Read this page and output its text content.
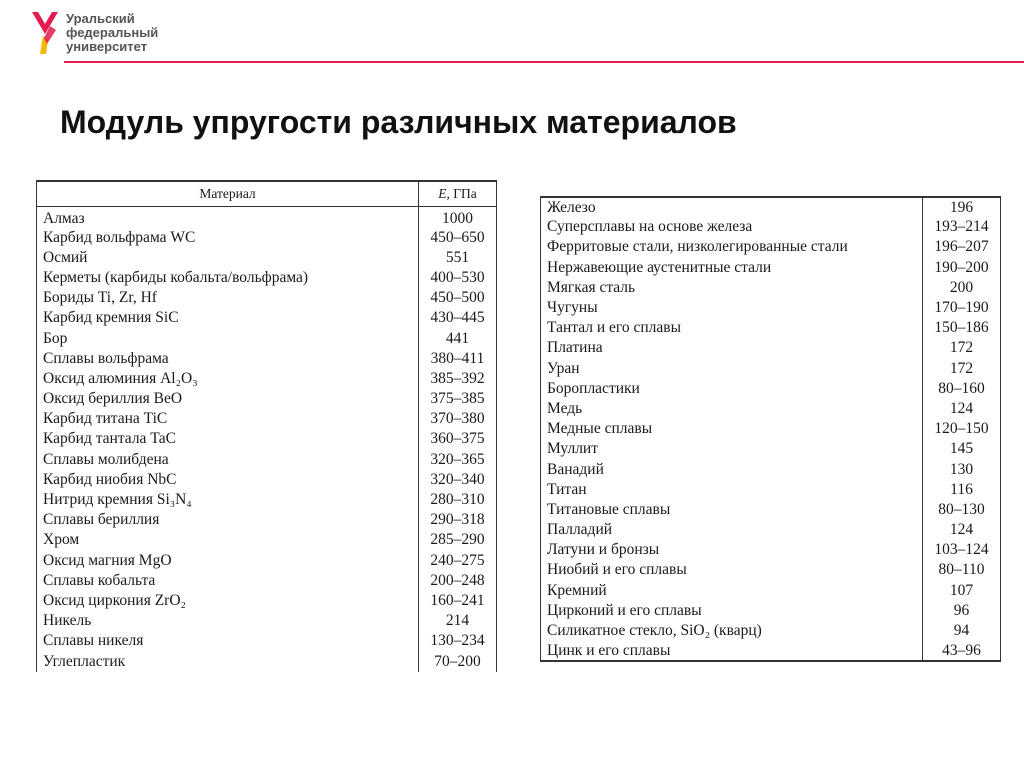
Уральский
федеральный
университет
Модуль упругости различных материалов
Материал	E, ГПа
Алмаз	1000
Карбид вольфрама WC	450–650
Осмий	551
Керметы (карбиды кобальта/вольфрама)	400–530
Бориды Ti, Zr, Hf	450–500
Карбид кремния SiC	430–445
Бор	441
Сплавы вольфрама	380–411
Оксид алюминия Al₂O₃	385–392
Оксид бериллия BeO	375–385
Карбид титана TiC	370–380
Карбид тантала TaC	360–375
Сплавы молибдена	320–365
Карбид ниобия NbC	320–340
Нитрид кремния Si₃N₄	280–310
Сплавы бериллия	290–318
Хром	285–290
Оксид магния MgO	240–275
Сплавы кобальта	200–248
Оксид циркония ZrO₂	160–241
Никель	214
Сплавы никеля	130–234
Углепластик	70–200
Железо	196
Суперсплавы на основе железа	193–214
Ферритовые стали, низколегированные стали	196–207
Нержавеющие аустенитные стали	190–200
Мягкая сталь	200
Чугуны	170–190
Тантал и его сплавы	150–186
Платина	172
Уран	172
Боропластики	80–160
Медь	124
Медные сплавы	120–150
Муллит	145
Ванадий	130
Титан	116
Титановые сплавы	80–130
Палладий	124
Латуни и бронзы	103–124
Ниобий и его сплавы	80–110
Кремний	107
Цирконий и его сплавы	96
Силикатное стекло, SiO₂ (кварц)	94
Цинк и его сплавы	43–96
